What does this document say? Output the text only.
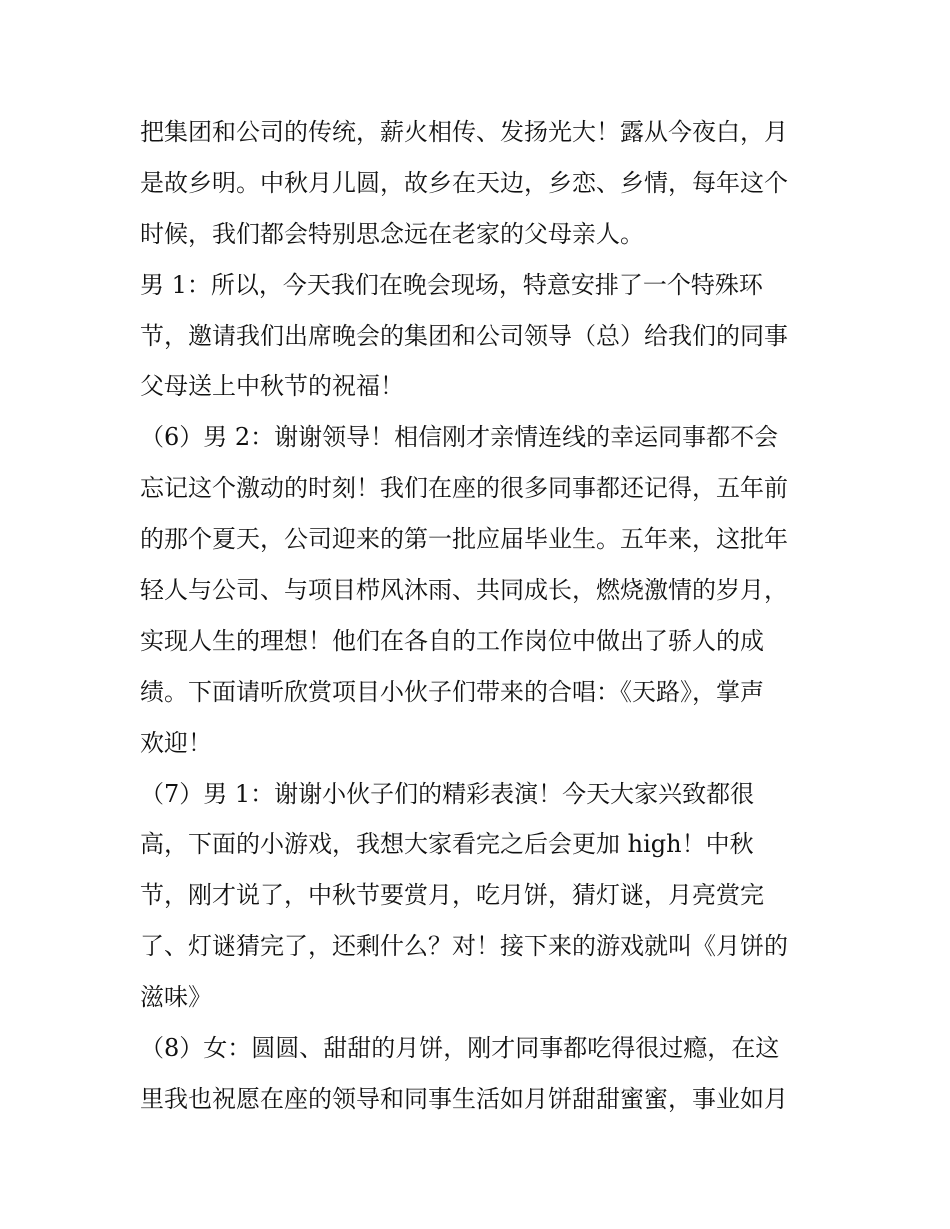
把集团和公司的传统，薪火相传、发扬光大！露从今夜白，月

是故乡明。中秋月儿圆，故乡在天边，乡恋、乡情，每年这个

时候，我们都会特别思念远在老家的父母亲人。

男 1：所以，今天我们在晚会现场，特意安排了一个特殊环

节，邀请我们出席晚会的集团和公司领导（总）给我们的同事

父母送上中秋节的祝福！

（6）男 2：谢谢领导！相信刚才亲情连线的幸运同事都不会

忘记这个激动的时刻！我们在座的很多同事都还记得，五年前

的那个夏天，公司迎来的第一批应届毕业生。五年来，这批年

轻人与公司、与项目栉风沐雨、共同成长，燃烧激情的岁月，

实现人生的理想！他们在各自的工作岗位中做出了骄人的成

绩。下面请听欣赏项目小伙子们带来的合唱：《天路》，掌声

欢迎！

（7）男 1：谢谢小伙子们的精彩表演！今天大家兴致都很

高，下面的小游戏，我想大家看完之后会更加 high！中秋

节，刚才说了，中秋节要赏月，吃月饼，猜灯谜，月亮赏完

了、灯谜猜完了，还剩什么？对！接下来的游戏就叫《月饼的

滋味》

（8）女：圆圆、甜甜的月饼，刚才同事都吃得很过瘾，在这

里我也祝愿在座的领导和同事生活如月饼甜甜蜜蜜，事业如月
